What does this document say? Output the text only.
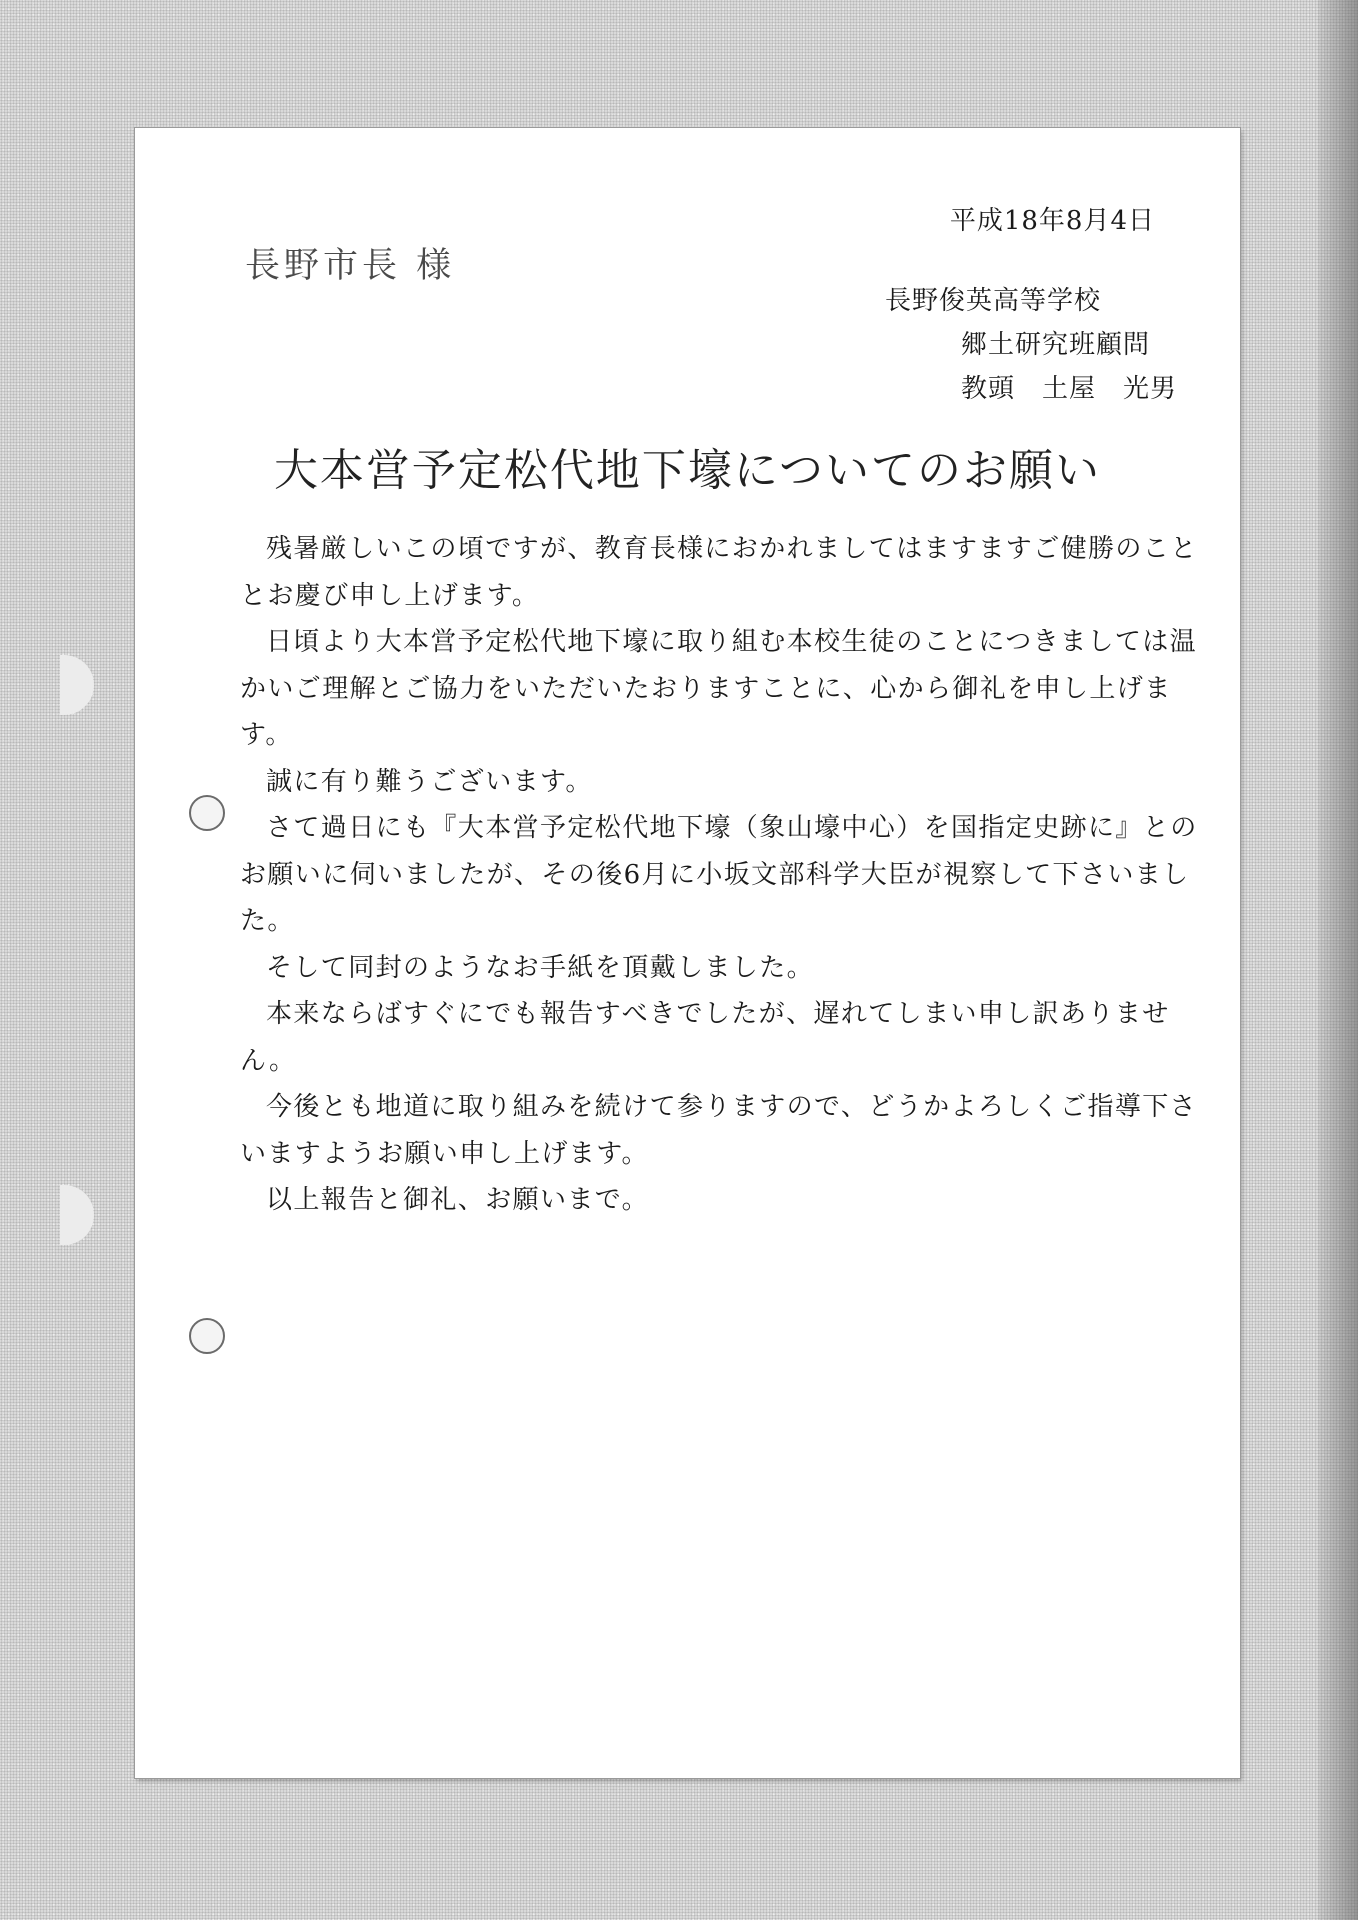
平成18年8月4日
長野市長 様
長野俊英高等学校
郷土研究班顧問
教頭　土屋　光男
大本営予定松代地下壕についてのお願い

残暑厳しいこの頃ですが、教育長様におかれましてはますますご健勝のこととお慶び申し上げます。

日頃より大本営予定松代地下壕に取り組む本校生徒のことにつきましては温かいご理解とご協力をいただいたおりますことに、心から御礼を申し上げます。

誠に有り難うございます。

さて過日にも『大本営予定松代地下壕（象山壕中心）を国指定史跡に』とのお願いに伺いましたが、その後6月に小坂文部科学大臣が視察して下さいました。

そして同封のようなお手紙を頂戴しました。

本来ならばすぐにでも報告すべきでしたが、遅れてしまい申し訳ありません。

今後とも地道に取り組みを続けて参りますので、どうかよろしくご指導下さいますようお願い申し上げます。

以上報告と御礼、お願いまで。
